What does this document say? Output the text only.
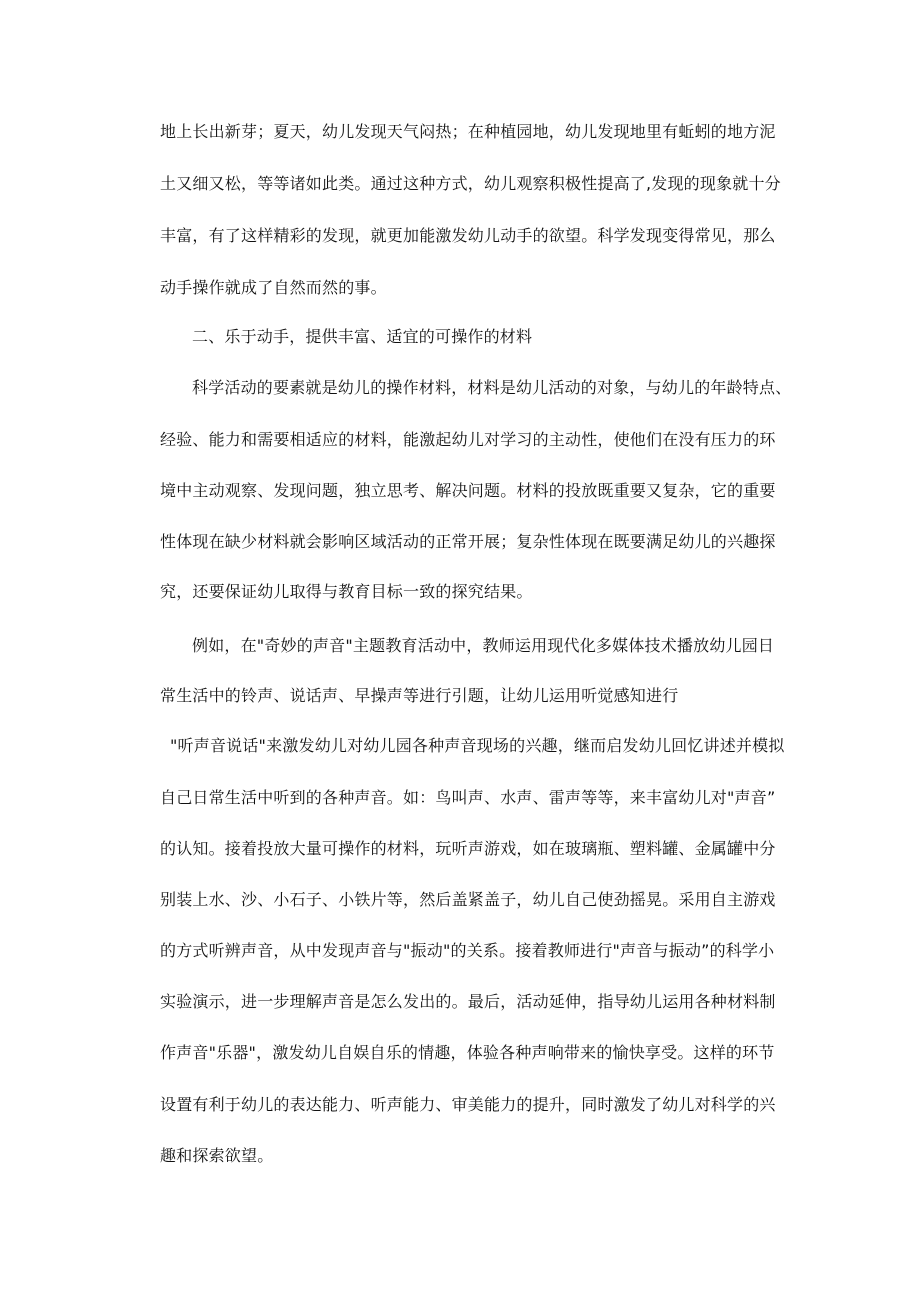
地上长出新芽；夏天，幼儿发现天气闷热；在种植园地，幼儿发现地里有蚯蚓的地方泥
土又细又松，等等诸如此类。通过这种方式，幼儿观察积极性提高了,发现的现象就十分
丰富，有了这样精彩的发现，就更加能激发幼儿动手的欲望。科学发现变得常见，那么
动手操作就成了自然而然的事。
二、乐于动手，提供丰富、适宜的可操作的材料
科学活动的要素就是幼儿的操作材料，材料是幼儿活动的对象，与幼儿的年龄特点、
经验、能力和需要相适应的材料，能激起幼儿对学习的主动性，使他们在没有压力的环
境中主动观察、发现问题，独立思考、解决问题。材料的投放既重要又复杂，它的重要
性体现在缺少材料就会影响区域活动的正常开展；复杂性体现在既要满足幼儿的兴趣探
究，还要保证幼儿取得与教育目标一致的探究结果。
例如，在"奇妙的声音"主题教育活动中，教师运用现代化多媒体技术播放幼儿园日
常生活中的铃声、说话声、早操声等进行引题，让幼儿运用听觉感知进行
"听声音说话"来激发幼儿对幼儿园各种声音现场的兴趣，继而启发幼儿回忆讲述并模拟
自己日常生活中听到的各种声音。如：鸟叫声、水声、雷声等等，来丰富幼儿对"声音”
的认知。接着投放大量可操作的材料，玩听声游戏，如在玻璃瓶、塑料罐、金属罐中分
别装上水、沙、小石子、小铁片等，然后盖紧盖子，幼儿自己使劲摇晃。采用自主游戏
的方式听辨声音，从中发现声音与"振动"的关系。接着教师进行"声音与振动”的科学小
实验演示，进一步理解声音是怎么发出的。最后，活动延伸，指导幼儿运用各种材料制
作声音"乐器"，激发幼儿自娱自乐的情趣，体验各种声响带来的愉快享受。这样的环节
设置有利于幼儿的表达能力、听声能力、审美能力的提升，同时激发了幼儿对科学的兴
趣和探索欲望。
